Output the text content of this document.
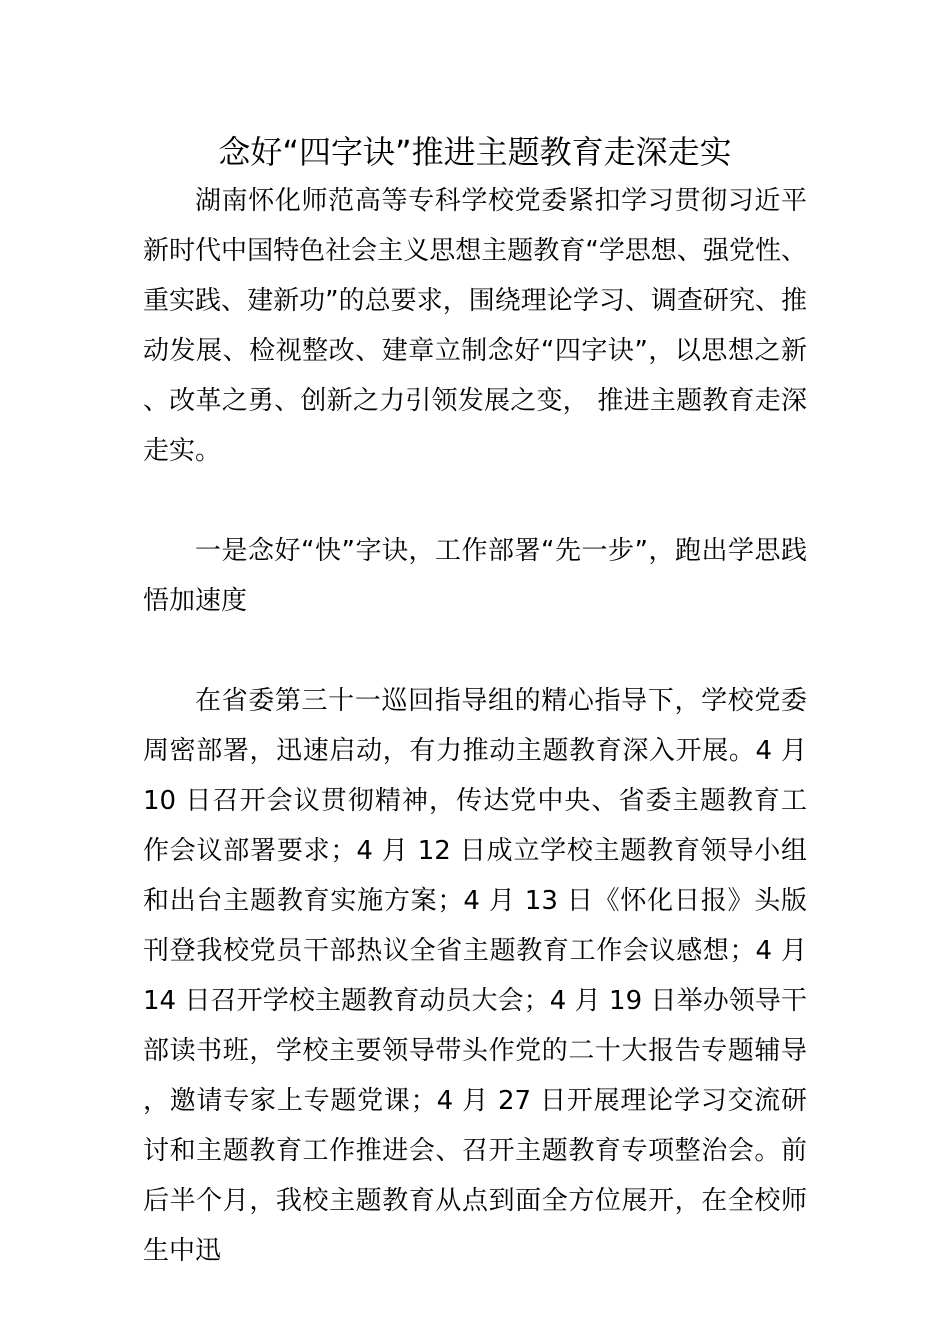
念好“四字诀”推进主题教育走深走实

湖南怀化师范高等专科学校党委紧扣学习贯彻习近平新时代中国特色社会主义思想主题教育“学思想、强党性、 重实践、建新功”的总要求，围绕理论学习、调查研究、推动发展、检视整改、建章立制念好“四字诀”，以思想之新、改革之勇、创新之力引领发展之变， 推进主题教育走深走实。

一是念好“快”字诀，工作部署“先一步”，跑出学思践悟加速度

在省委第三十一巡回指导组的精心指导下，学校党委周密部署，迅速启动，有力推动主题教育深入开展。4 月 10 日召开会议贯彻精神，传达党中央、省委主题教育工作会议部署要求；4 月 12 日成立学校主题教育领导小组和出台主题教育实施方案；4 月 13 日《怀化日报》头版刊登我校党员干部热议全省主题教育工作会议感想；4 月 14 日召开学校主题教育动员大会；4 月 19 日举办领导干部读书班，学校主要领导带头作党的二十大报告专题辅导，邀请专家上专题党课；4 月 27 日开展理论学习交流研讨和主题教育工作推进会、召开主题教育专项整治会。前后半个月，我校主题教育从点到面全方位展开，在全校师生中迅
